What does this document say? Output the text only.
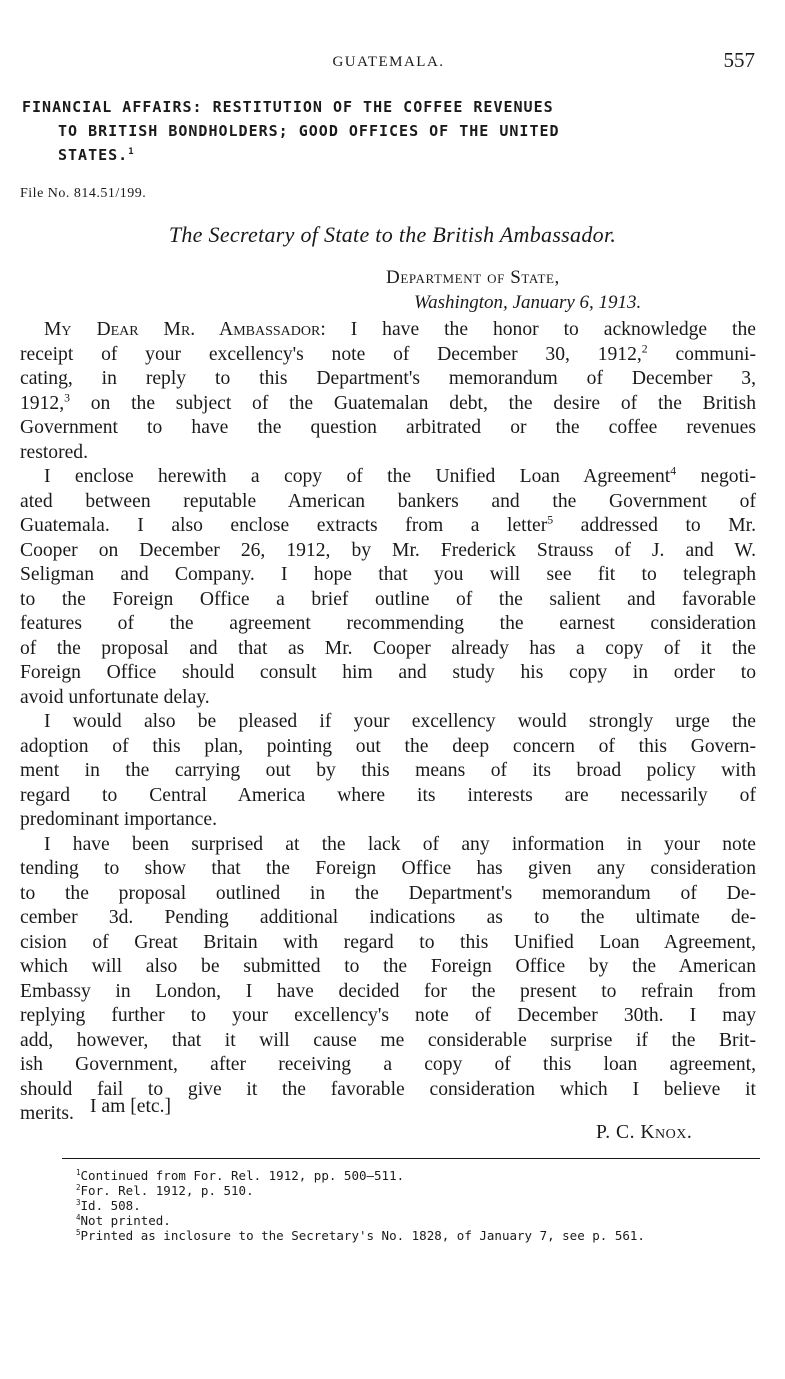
GUATEMALA.	557
FINANCIAL AFFAIRS: RESTITUTION OF THE COFFEE REVENUES
TO BRITISH BONDHOLDERS; GOOD OFFICES OF THE UNITED
STATES.$^1$
File No. 814.51/199.
The Secretary of State to the British Ambassador.
Department of State,
Washington, January 6, 1913.
My Dear Mr. Ambassador: I have the honor to acknowledge the
receipt of your excellency's note of December 30, 1912,$^2$ communi-
cating, in reply to this Department's memorandum of December 3,
1912,$^3$ on the subject of the Guatemalan debt, the desire of the British
Government to have the question arbitrated or the coffee revenues
restored.
I enclose herewith a copy of the Unified Loan Agreement$^4$ negoti-
ated between reputable American bankers and the Government of
Guatemala. I also enclose extracts from a letter$^5$ addressed to Mr.
Cooper on December 26, 1912, by Mr. Frederick Strauss of J. and W.
Seligman and Company. I hope that you will see fit to telegraph
to the Foreign Office a brief outline of the salient and favorable
features of the agreement recommending the earnest consideration
of the proposal and that as Mr. Cooper already has a copy of it the
Foreign Office should consult him and study his copy in order to
avoid unfortunate delay.
I would also be pleased if your excellency would strongly urge the
adoption of this plan, pointing out the deep concern of this Govern-
ment in the carrying out by this means of its broad policy with
regard to Central America where its interests are necessarily of
predominant importance.
I have been surprised at the lack of any information in your note
tending to show that the Foreign Office has given any consideration
to the proposal outlined in the Department's memorandum of De-
cember 3d. Pending additional indications as to the ultimate de-
cision of Great Britain with regard to this Unified Loan Agreement,
which will also be submitted to the Foreign Office by the American
Embassy in London, I have decided for the present to refrain from
replying further to your excellency's note of December 30th. I may
add, however, that it will cause me considerable surprise if the Brit-
ish Government, after receiving a copy of this loan agreement,
should fail to give it the favorable consideration which I believe it
merits. I am [etc.]
P. C. Knox.
$^1$Continued from For. Rel. 1912, pp. 500–511.
$^2$For. Rel. 1912, p. 510.
$^3$Id. 508.
$^4$Not printed.
$^5$Printed as inclosure to the Secretary's No. 1828, of January 7, see p. 561.
